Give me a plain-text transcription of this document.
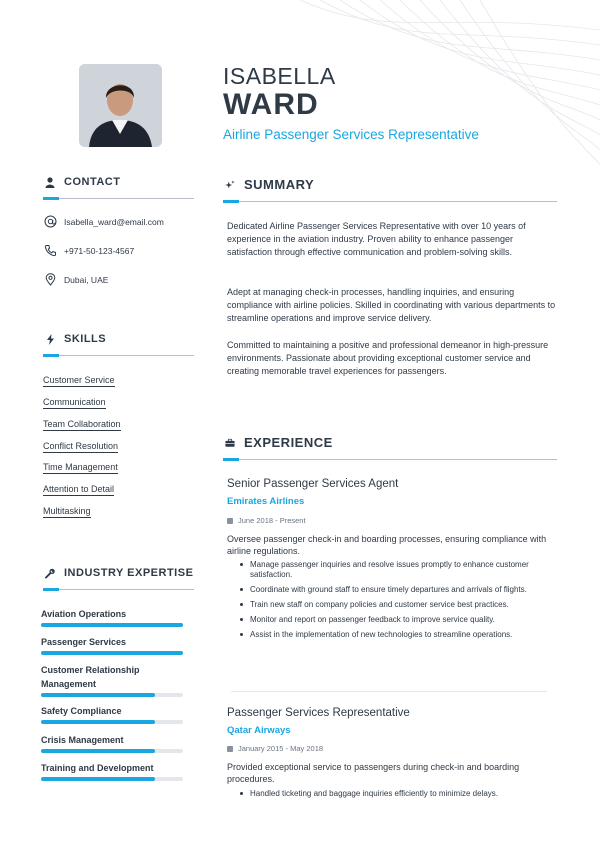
ISABELLA
WARD
Airline Passenger Services Representative
CONTACT
Isabella_ward@email.com
+971-50-123-4567
Dubai, UAE
SKILLS
Customer Service
Communication
Team Collaboration
Conflict Resolution
Time Management
Attention to Detail
Multitasking
INDUSTRY EXPERTISE
Aviation Operations
Passenger Services
Customer Relationship Management
Safety Compliance
Crisis Management
Training and Development
SUMMARY

Dedicated Airline Passenger Services Representative with over 10 years of experience in the aviation industry. Proven ability to enhance passenger satisfaction through effective communication and problem-solving skills.

Adept at managing check-in processes, handling inquiries, and ensuring compliance with airline policies. Skilled in coordinating with various departments to streamline operations and improve service delivery.

Committed to maintaining a positive and professional demeanor in high-pressure environments. Passionate about providing exceptional customer service and creating memorable travel experiences for passengers.

EXPERIENCE
Senior Passenger Services Agent
Emirates Airlines
June 2018 - Present

Oversee passenger check-in and boarding processes, ensuring compliance with airline regulations.

Manage passenger inquiries and resolve issues promptly to enhance customer satisfaction.
Coordinate with ground staff to ensure timely departures and arrivals of flights.
Train new staff on company policies and customer service best practices.
Monitor and report on passenger feedback to improve service quality.
Assist in the implementation of new technologies to streamline operations.
Passenger Services Representative
Qatar Airways
January 2015 - May 2018

Provided exceptional service to passengers during check-in and boarding procedures.

Handled ticketing and baggage inquiries efficiently to minimize delays.
